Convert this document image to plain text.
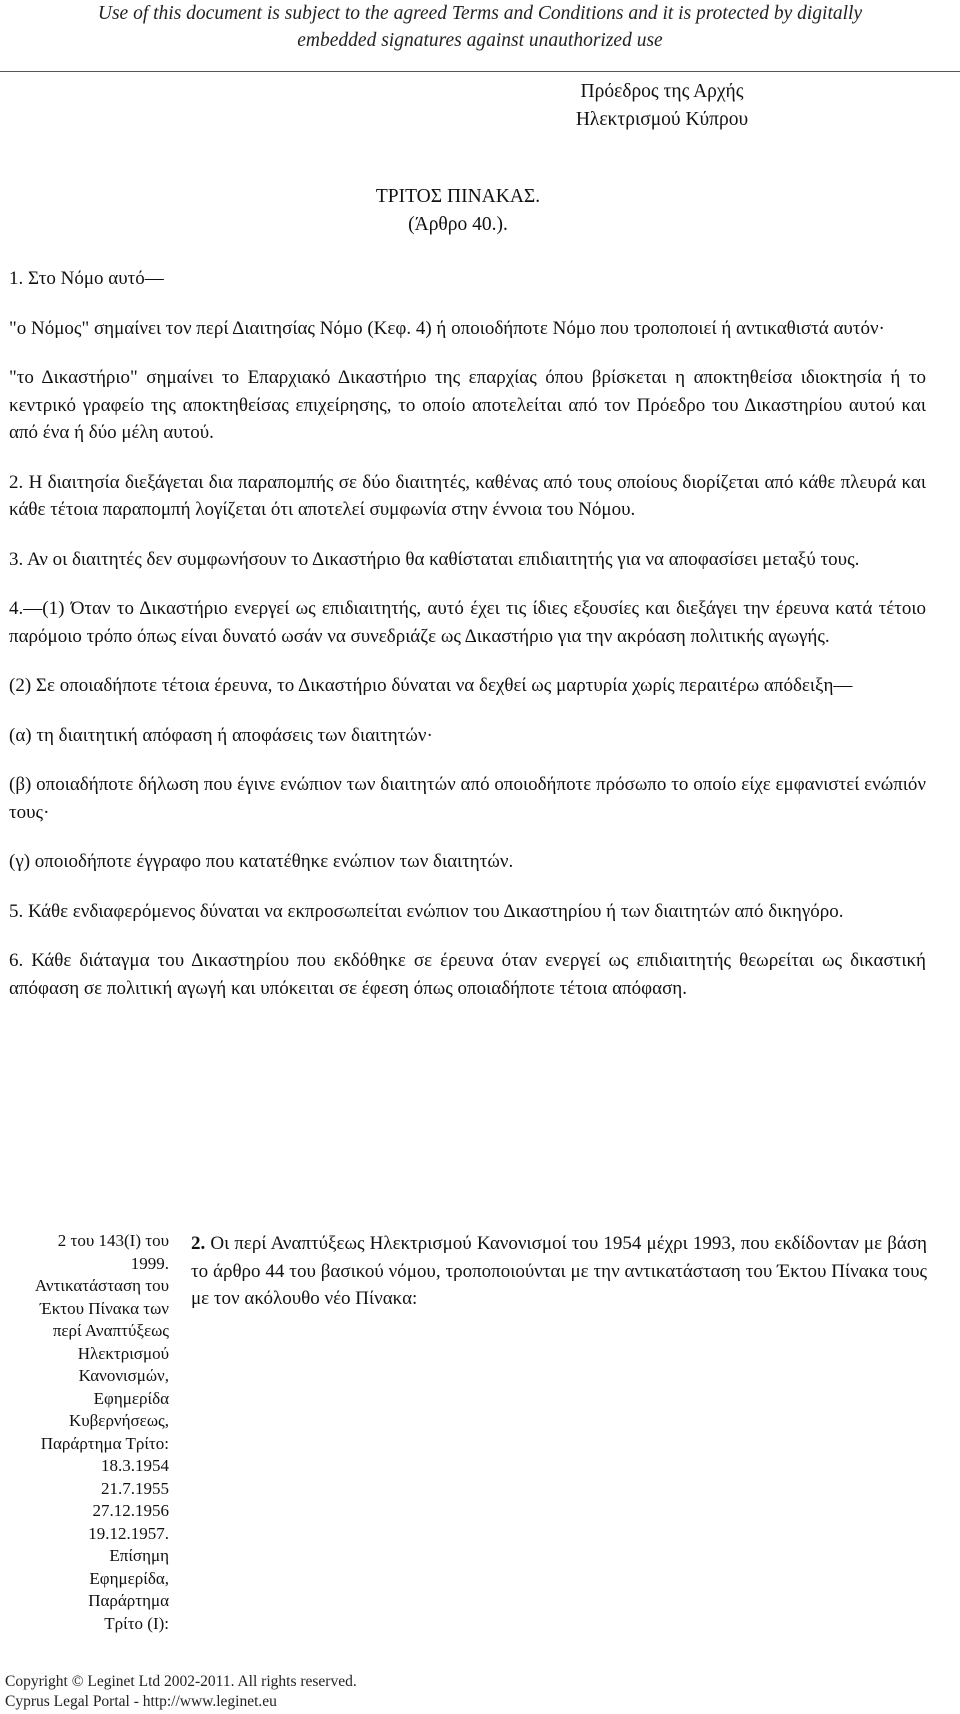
Use of this document is subject to the agreed Terms and Conditions and it is protected by digitally
embedded signatures against unauthorized use
Πρόεδρος της Αρχής
Ηλεκτρισμού Κύπρου
ΤΡΙΤΟΣ ΠΙΝΑΚΑΣ.
(Άρθρο 40.).

1. Στο Νόμο αυτό―

"ο Νόμος" σημαίνει τον περί Διαιτησίας Νόμο (Κεφ. 4) ή οποιοδήποτε Νόμο που τροποποιεί ή αντικαθιστά αυτόν·

"το Δικαστήριο" σημαίνει το Επαρχιακό Δικαστήριο της επαρχίας όπου βρίσκεται η αποκτηθείσα ιδιοκτησία ή το κεντρικό γραφείο της αποκτηθείσας επιχείρησης, το οποίο αποτελείται από τον Πρόεδρο του Δικαστηρίου αυτού και από ένα ή δύο μέλη αυτού.

2. Η διαιτησία διεξάγεται δια παραπομπής σε δύο διαιτητές, καθένας από τους οποίους διορίζεται από κάθε πλευρά και κάθε τέτοια παραπομπή λογίζεται ότι αποτελεί συμφωνία στην έννοια του Νόμου.

3. Αν οι διαιτητές δεν συμφωνήσουν το Δικαστήριο θα καθίσταται επιδιαιτητής για να αποφασίσει μεταξύ τους.

4.―(1) Όταν το Δικαστήριο ενεργεί ως επιδιαιτητής, αυτό έχει τις ίδιες εξουσίες και διεξάγει την έρευνα κατά τέτοιο παρόμοιο τρόπο όπως είναι δυνατό ωσάν να συνεδριάζε ως Δικαστήριο για την ακρόαση πολιτικής αγωγής.

(2) Σε οποιαδήποτε τέτοια έρευνα, το Δικαστήριο δύναται να δεχθεί ως μαρτυρία χωρίς περαιτέρω απόδειξη―

(α) τη διαιτητική απόφαση ή αποφάσεις των διαιτητών·

(β) οποιαδήποτε δήλωση που έγινε ενώπιον των διαιτητών από οποιοδήποτε πρόσωπο το οποίο είχε εμφανιστεί ενώπιόν τους·

(γ) οποιοδήποτε έγγραφο που κατατέθηκε ενώπιον των διαιτητών.

5. Κάθε ενδιαφερόμενος δύναται να εκπροσωπείται ενώπιον του Δικαστηρίου ή των διαιτητών από δικηγόρο.

6. Κάθε διάταγμα του Δικαστηρίου που εκδόθηκε σε έρευνα όταν ενεργεί ως επιδιαιτητής θεωρείται ως δικαστική απόφαση σε πολιτική αγωγή και υπόκειται σε έφεση όπως οποιαδήποτε τέτοια απόφαση.

2 του 143(Ι) του
1999.
Αντικατάσταση του
Έκτου Πίνακα των
περί Αναπτύξεως
Ηλεκτρισμού
Κανονισμών,
Εφημερίδα
Κυβερνήσεως,
Παράρτημα Τρίτο:
18.3.1954
21.7.1955
27.12.1956
19.12.1957.
Επίσημη
Εφημερίδα,
Παράρτημα
Τρίτο (Ι):
2. Οι περί Αναπτύξεως Ηλεκτρισμού Κανονισμοί του 1954 μέχρι 1993, που εκδίδονταν με βάση το άρθρο 44 του βασικού νόμου, τροποποιούνται με την αντικατάσταση του Έκτου Πίνακα τους με τον ακόλουθο νέο Πίνακα:
Copyright © Leginet Ltd 2002-2011. All rights reserved.
Cyprus Legal Portal - http://www.leginet.eu
